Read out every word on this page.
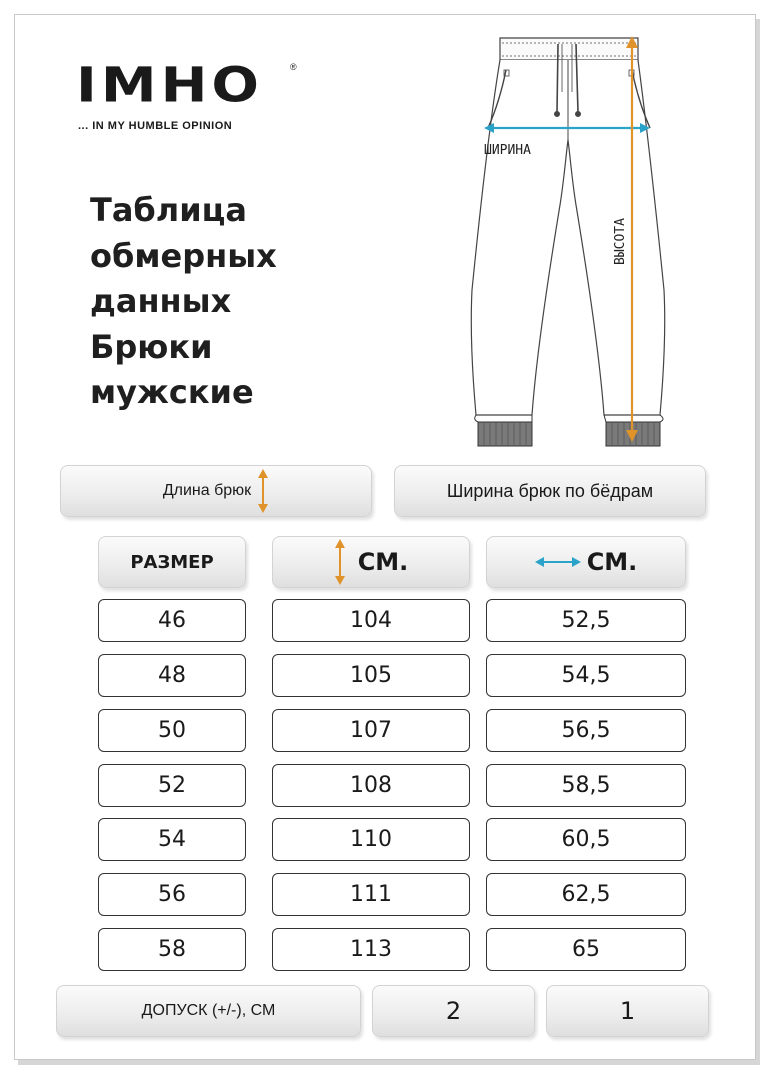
IMHO	®
... IN MY HUMBLE OPINION
Таблица
обмерных
данных
Брюки
мужские
ШИРИНА
ВЫСОТА
Длина брюк	Ширина брюк по бёдрам
РАЗМЕР	СМ.	СМ.
46	104	52,5
48	105	54,5
50	107	56,5
52	108	58,5
54	110	60,5
56	111	62,5
58	113	65
ДОПУСК (+/-), СМ	2	1
